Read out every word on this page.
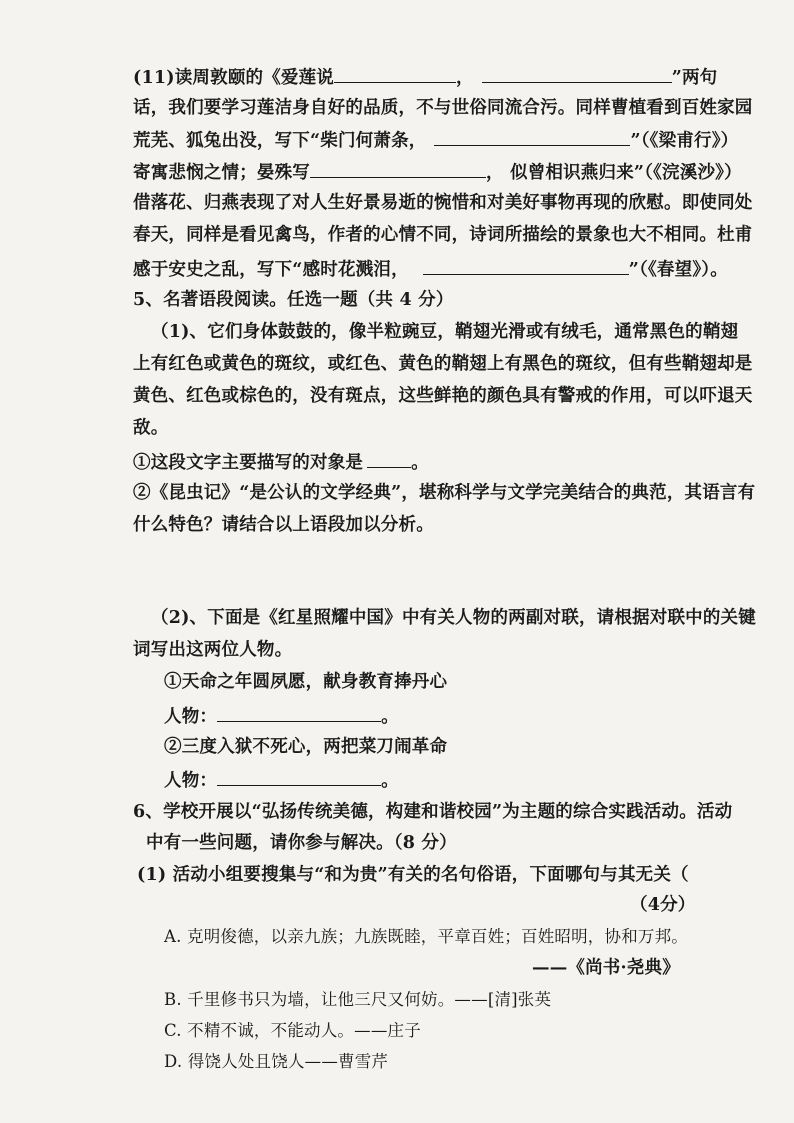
(11)读周敦颐的《爱莲说	，	”两句
话，我们要学习莲洁身自好的品质，不与世俗同流合污。同样曹植看到百姓家园
荒芜、狐兔出没，写下“柴门何萧条，	”（《梁甫行》）
寄寓悲悯之情；晏殊写	， 似曾相识燕归来”（《浣溪沙》）
借落花、归燕表现了对人生好景易逝的惋惜和对美好事物再现的欣慰。即使同处
春天，同样是看见禽鸟，作者的心情不同，诗词所描绘的景象也大不相同。杜甫
感于安史之乱，写下“感时花溅泪，	”（《春望》）。
5、名著语段阅读。任选一题（共 4 分）
（1)、它们身体鼓鼓的，像半粒豌豆，鞘翅光滑或有绒毛，通常黑色的鞘翅
上有红色或黄色的斑纹，或红色、黄色的鞘翅上有黑色的斑纹，但有些鞘翅却是
黄色、红色或棕色的，没有斑点，这些鲜艳的颜色具有警戒的作用，可以吓退天
敌。
①这段文字主要描写的对象是	。
②《昆虫记》“是公认的文学经典”，堪称科学与文学完美结合的典范，其语言有
什么特色？请结合以上语段加以分析。
（2)、下面是《红星照耀中国》中有关人物的两副对联，请根据对联中的关键
词写出这两位人物。
①天命之年圆夙愿，献身教育捧丹心
人物：	。
②三度入狱不死心，两把菜刀闹革命
人物：	。
6、学校开展以“弘扬传统美德，构建和谐校园”为主题的综合实践活动。活动
中有一些问题，请你参与解决。（8 分）
(1) 活动小组要搜集与“和为贵”有关的名句俗语，下面哪句与其无关（
（4分）
A. 克明俊德，以亲九族；九族既睦，平章百姓；百姓昭明，协和万邦。
——《尚书·尧典》
B. 千里修书只为墙，让他三尺又何妨。——[清]张英
C. 不精不诚，不能动人。——庄子
D. 得饶人处且饶人——曹雪芹
